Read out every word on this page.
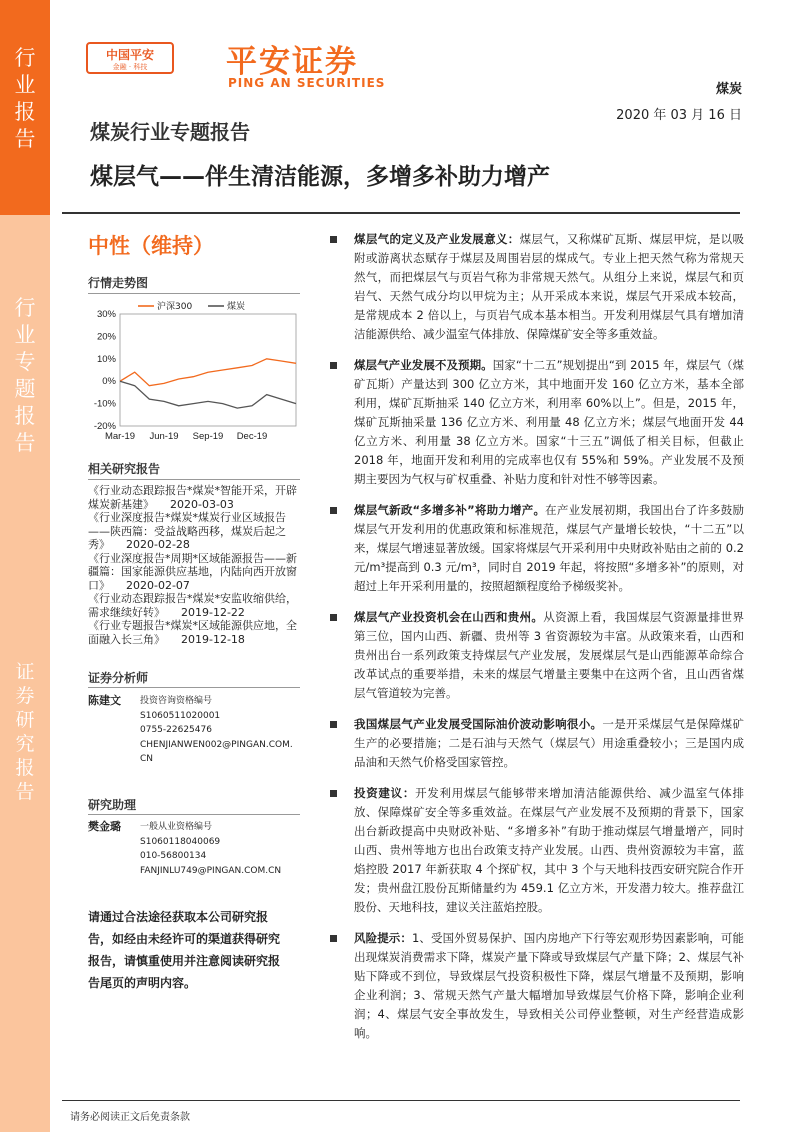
行
业
报
告
行
业
专
题
报
告
证
券
研
究
报
告
中国平安
金融 · 科技	平安证券
PING AN SECURITIES	煤炭
2020 年 03 月 16 日
煤炭行业专题报告
煤层气——伴生清洁能源，多增多补助力增产
中性（维持）
行情走势图
30%
20%
10%
0%
-10%
-20%
Mar-19 Jun-19 Sep-19 Dec-19
沪深300	煤炭
相关研究报告

《行业动态跟踪报告*煤炭*智能开采，开辟煤炭新基建》 2020-03-03

《行业深度报告*煤炭*煤炭行业区域报告——陕西篇：受益战略西移，煤炭后起之秀》 2020-02-28

《行业深度报告*周期*区域能源报告——新疆篇：国家能源供应基地，内陆向西开放窗口》 2020-02-07

《行业动态跟踪报告*煤炭*安监收缩供给，需求继续好转》 2019-12-22

《行业专题报告*煤炭*区域能源供应地，全面融入长三角》 2019-12-18

证券分析师
陈建文 投资咨询资格编号
S1060511020001
0755-22625476
CHENJIANWEN002@PINGAN.COM.
CN
研究助理
樊金璐 一般从业资格编号
S1060118040069
010-56800134
FANJINLU749@PINGAN.COM.CN
请通过合法途径获取本公司研究报告，如经由未经许可的渠道获得研究报告，请慎重使用并注意阅读研究报告尾页的声明内容。
煤层气的定义及产业发展意义：煤层气，又称煤矿瓦斯、煤层甲烷，是以吸附或游离状态赋存于煤层及周围岩层的煤成气。专业上把天然气称为常规天然气，而把煤层气与页岩气称为非常规天然气。从组分上来说，煤层气和页岩气、天然气成分均以甲烷为主；从开采成本来说，煤层气开采成本较高，是常规成本 2 倍以上，与页岩气成本基本相当。开发利用煤层气具有增加清洁能源供给、减少温室气体排放、保障煤矿安全等多重效益。
煤层气产业发展不及预期。国家“十二五”规划提出“到 2015 年，煤层气（煤矿瓦斯）产量达到 300 亿立方米，其中地面开发 160 亿立方米，基本全部利用，煤矿瓦斯抽采 140 亿立方米，利用率 60%以上”。但是，2015 年，煤矿瓦斯抽采量 136 亿立方米、利用量 48 亿立方米；煤层气地面开发 44 亿立方米、利用量 38 亿立方米。国家“十三五”调低了相关目标，但截止 2018 年，地面开发和利用的完成率也仅有 55%和 59%。产业发展不及预期主要因为气权与矿权重叠、补贴力度和针对性不够等因素。
煤层气新政“多增多补”将助力增产。在产业发展初期，我国出台了许多鼓励煤层气开发利用的优惠政策和标准规范，煤层气产量增长较快，“十二五”以来，煤层气增速显著放缓。国家将煤层气开采利用中央财政补贴由之前的 0.2 元/m³提高到 0.3 元/m³，同时自 2019 年起，将按照“多增多补”的原则，对超过上年开采利用量的，按照超额程度给予梯级奖补。
煤层气产业投资机会在山西和贵州。从资源上看，我国煤层气资源量排世界第三位，国内山西、新疆、贵州等 3 省资源较为丰富。从政策来看，山西和贵州出台一系列政策支持煤层气产业发展，发展煤层气是山西能源革命综合改革试点的重要举措，未来的煤层气增量主要集中在这两个省，且山西省煤层气管道较为完善。
我国煤层气产业发展受国际油价波动影响很小。一是开采煤层气是保障煤矿生产的必要措施；二是石油与天然气（煤层气）用途重叠较小；三是国内成品油和天然气价格受国家管控。
投资建议：开发利用煤层气能够带来增加清洁能源供给、减少温室气体排放、保障煤矿安全等多重效益。在煤层气产业发展不及预期的背景下，国家出台新政提高中央财政补贴、“多增多补”有助于推动煤层气增量增产，同时山西、贵州等地方也出台政策支持产业发展。山西、贵州资源较为丰富，蓝焰控股 2017 年新获取 4 个探矿权，其中 3 个与天地科技西安研究院合作开发；贵州盘江股份瓦斯储量约为 459.1 亿立方米，开发潜力较大。推荐盘江股份、天地科技，建议关注蓝焰控股。
风险提示：1、受国外贸易保护、国内房地产下行等宏观形势因素影响，可能出现煤炭消费需求下降，煤炭产量下降或导致煤层气产量下降；2、煤层气补贴下降或不到位，导致煤层气投资积极性下降，煤层气增量不及预期，影响企业利润；3、常规天然气产量大幅增加导致煤层气价格下降，影响企业利润；4、煤层气安全事故发生，导致相关公司停业整顿，对生产经营造成影响。
请务必阅读正文后免责条款
